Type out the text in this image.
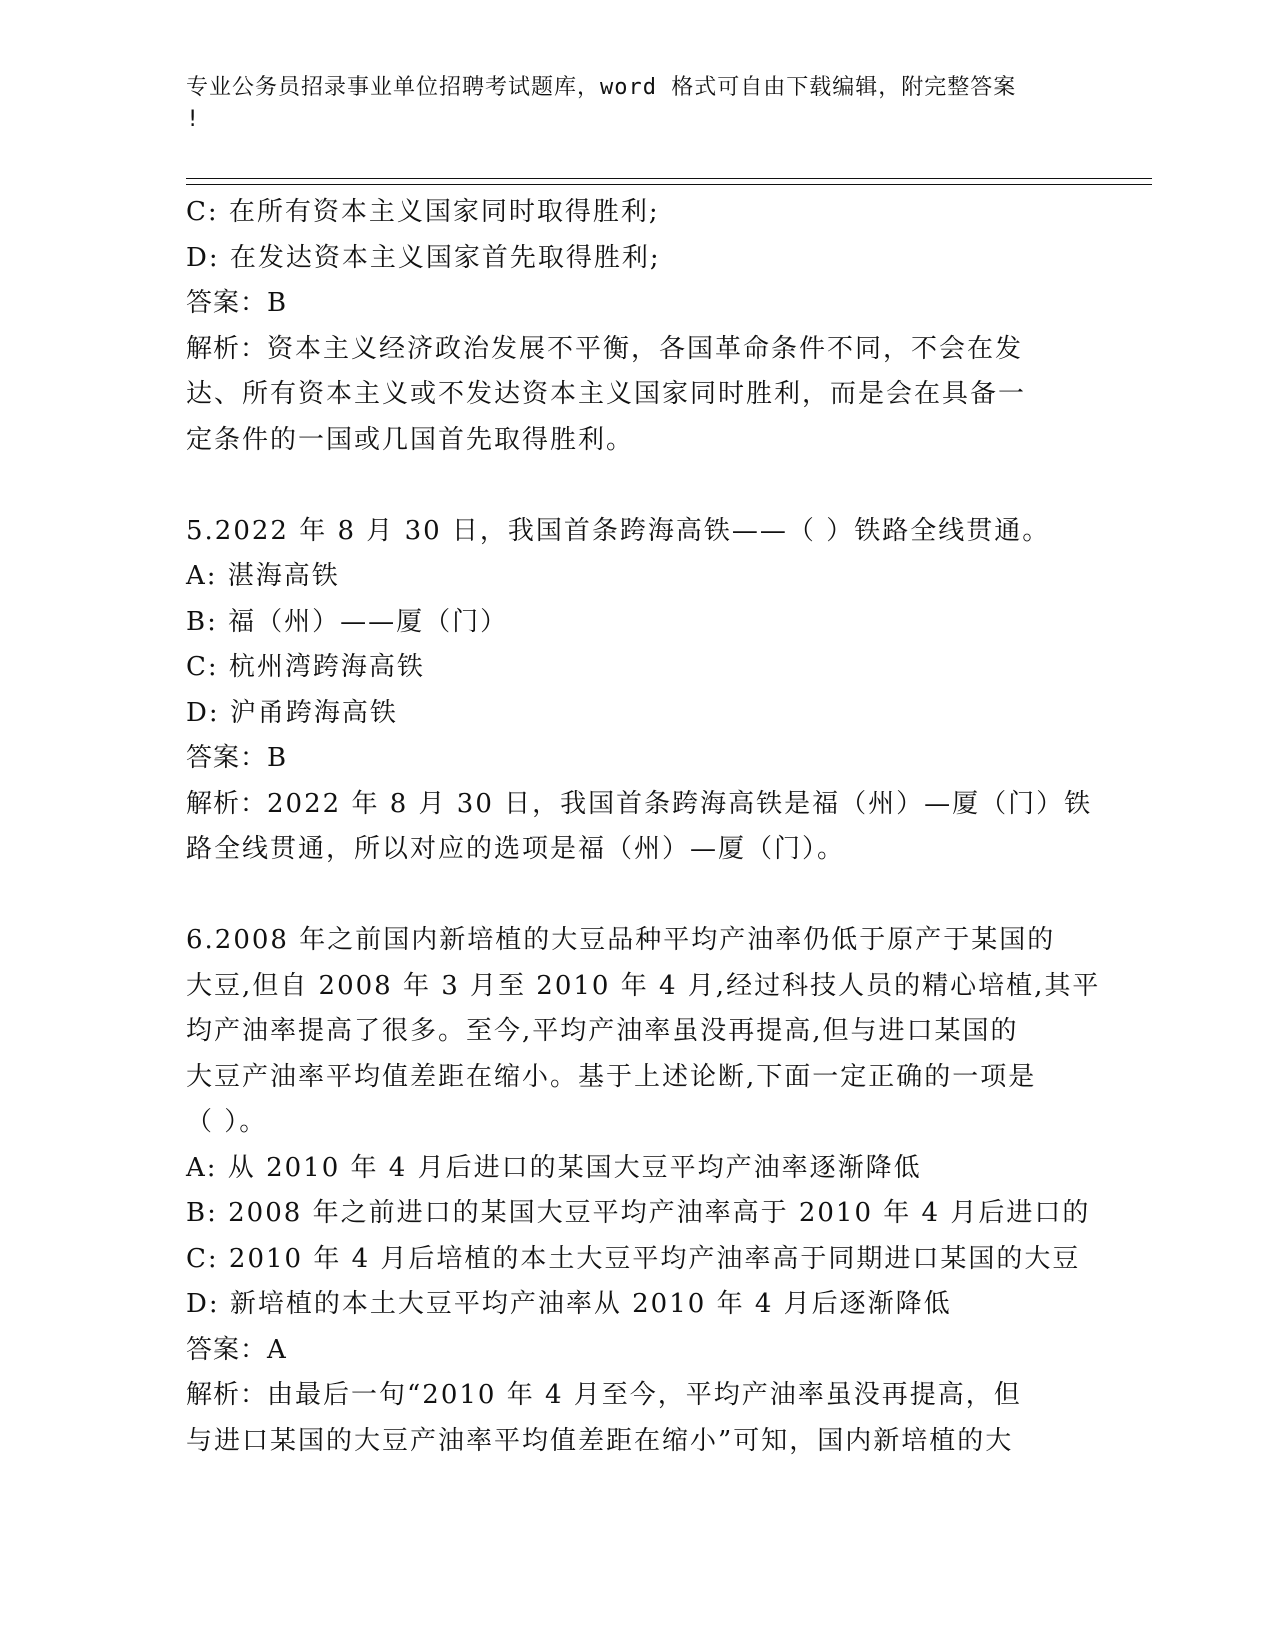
专业公务员招录事业单位招聘考试题库，word 格式可自由下载编辑，附完整答案
!
C: 在所有资本主义国家同时取得胜利;
D: 在发达资本主义国家首先取得胜利;
答案：B
解析：资本主义经济政治发展不平衡，各国革命条件不同，不会在发
达、所有资本主义或不发达资本主义国家同时胜利，而是会在具备一
定条件的一国或几国首先取得胜利。
5.2022 年 8 月 30 日，我国首条跨海高铁——（ ）铁路全线贯通。
A: 湛海高铁
B: 福（州）——厦（门）
C: 杭州湾跨海高铁
D: 沪甬跨海高铁
答案：B
解析：2022 年 8 月 30 日，我国首条跨海高铁是福（州）—厦（门）铁
路全线贯通，所以对应的选项是福（州）—厦（门）。
6.2008 年之前国内新培植的大豆品种平均产油率仍低于原产于某国的
大豆,但自 2008 年 3 月至 2010 年 4 月,经过科技人员的精心培植,其平
均产油率提高了很多。至今,平均产油率虽没再提高,但与进口某国的
大豆产油率平均值差距在缩小。基于上述论断,下面一定正确的一项是
（ ）。
A: 从 2010 年 4 月后进口的某国大豆平均产油率逐渐降低
B: 2008 年之前进口的某国大豆平均产油率高于 2010 年 4 月后进口的
C: 2010 年 4 月后培植的本土大豆平均产油率高于同期进口某国的大豆
D: 新培植的本土大豆平均产油率从 2010 年 4 月后逐渐降低
答案：A
解析：由最后一句“2010 年 4 月至今，平均产油率虽没再提高，但
与进口某国的大豆产油率平均值差距在缩小”可知，国内新培植的大
